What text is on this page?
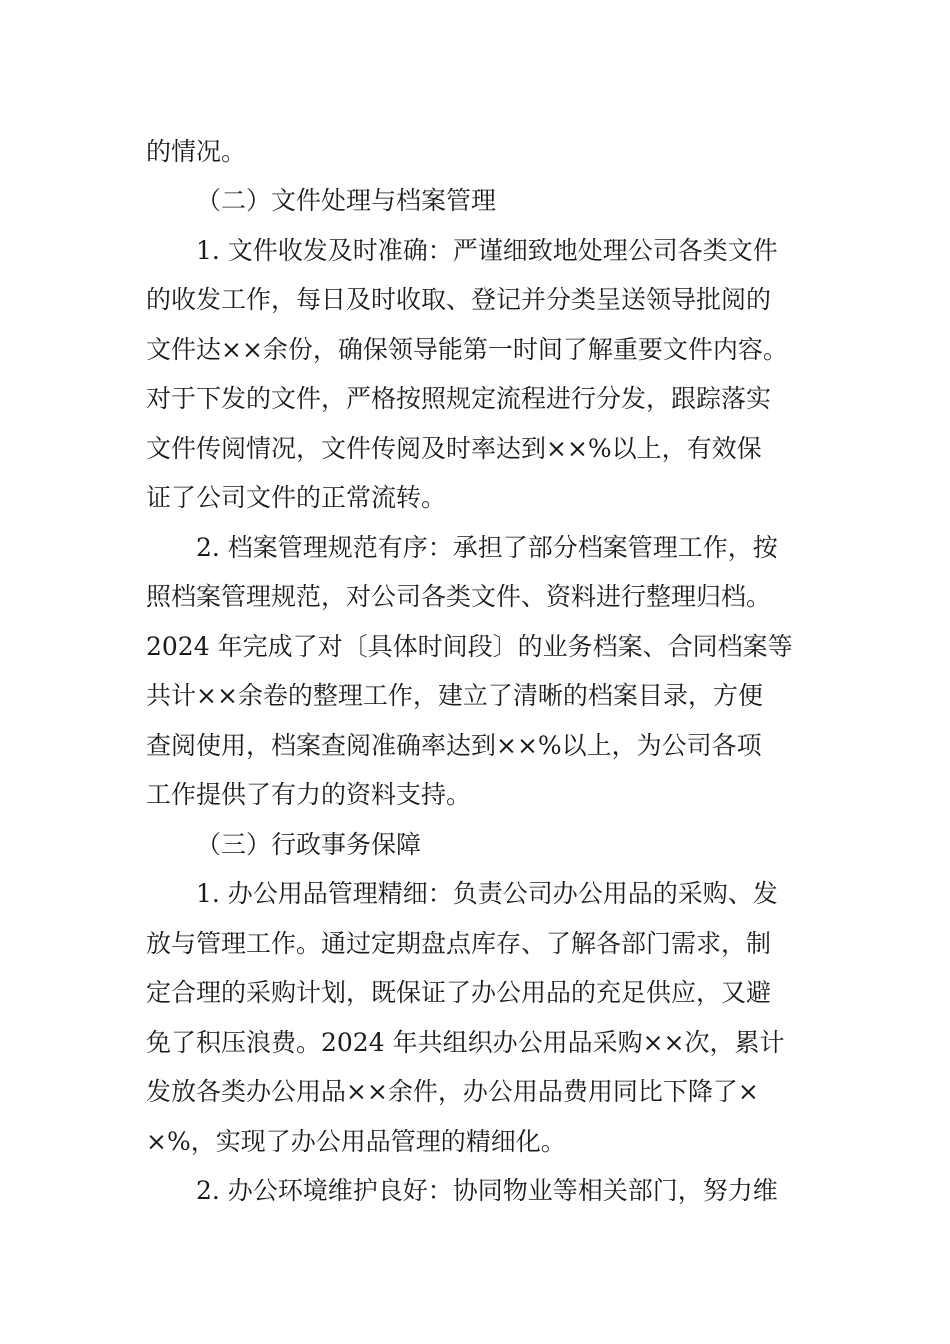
的情况。
（二）文件处理与档案管理
1. 文件收发及时准确：严谨细致地处理公司各类文件
的收发工作，每日及时收取、登记并分类呈送领导批阅的
文件达××余份，确保领导能第一时间了解重要文件内容。
对于下发的文件，严格按照规定流程进行分发，跟踪落实
文件传阅情况，文件传阅及时率达到××%以上，有效保
证了公司文件的正常流转。
2. 档案管理规范有序：承担了部分档案管理工作，按
照档案管理规范，对公司各类文件、资料进行整理归档。
2024 年完成了对〔具体时间段〕的业务档案、合同档案等
共计××余卷的整理工作，建立了清晰的档案目录，方便
查阅使用，档案查阅准确率达到××%以上，为公司各项
工作提供了有力的资料支持。
（三）行政事务保障
1. 办公用品管理精细：负责公司办公用品的采购、发
放与管理工作。通过定期盘点库存、了解各部门需求，制
定合理的采购计划，既保证了办公用品的充足供应，又避
免了积压浪费。2024 年共组织办公用品采购××次，累计
发放各类办公用品××余件，办公用品费用同比下降了×
×%，实现了办公用品管理的精细化。
2. 办公环境维护良好：协同物业等相关部门，努力维
